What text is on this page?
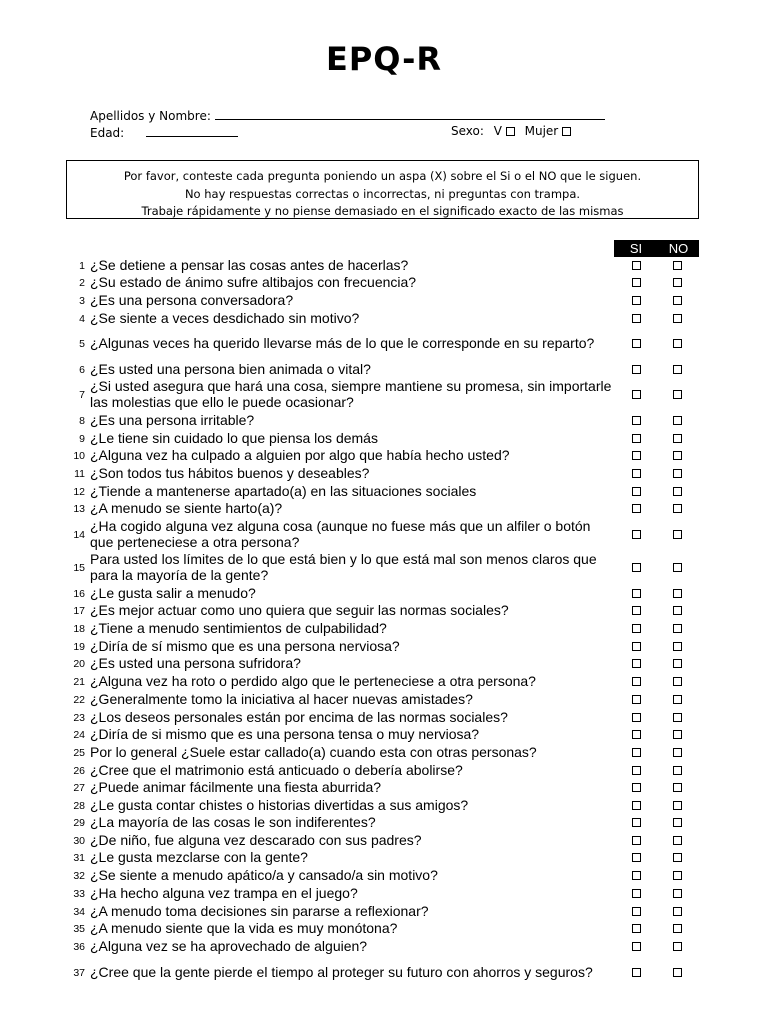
EPQ-R
Apellidos y Nombre:
Edad:	Sexo: V Mujer
Por favor, conteste cada pregunta poniendo un aspa (X) sobre el Si o el NO que le siguen.
No hay respuestas correctas o incorrectas, ni preguntas con trampa.
Trabaje rápidamente y no piense demasiado en el significado exacto de las mismas
SI	NO
1 ¿Se detiene a pensar las cosas antes de hacerlas?
2 ¿Su estado de ánimo sufre altibajos con frecuencia?
3 ¿Es una persona conversadora?
4 ¿Se siente a veces desdichado sin motivo?
5 ¿Algunas veces ha querido llevarse más de lo que le corresponde en su reparto?
6 ¿Es usted una persona bien animada o vital?
7
¿Si usted asegura que hará una cosa, siempre mantiene su promesa, sin importarle las molestias que ello le puede ocasionar?
8 ¿Es una persona irritable?
9 ¿Le tiene sin cuidado lo que piensa los demás
10 ¿Alguna vez ha culpado a alguien por algo que había hecho usted?
11 ¿Son todos tus hábitos buenos y deseables?
12 ¿Tiende a mantenerse apartado(a) en las situaciones sociales
13 ¿A menudo se siente harto(a)?
14
¿Ha cogido alguna vez alguna cosa (aunque no fuese más que un alfiler o botón que perteneciese a otra persona?
15
Para usted los límites de lo que está bien y lo que está mal son menos claros que para la mayoría de la gente?
16 ¿Le gusta salir a menudo?
17 ¿Es mejor actuar como uno quiera que seguir las normas sociales?
18 ¿Tiene a menudo sentimientos de culpabilidad?
19 ¿Diría de sí mismo que es una persona nerviosa?
20 ¿Es usted una persona sufridora?
21 ¿Alguna vez ha roto o perdido algo que le perteneciese a otra persona?
22 ¿Generalmente tomo la iniciativa al hacer nuevas amistades?
23 ¿Los deseos personales están por encima de las normas sociales?
24 ¿Diría de si mismo que es una persona tensa o muy nerviosa?
25 Por lo general ¿Suele estar callado(a) cuando esta con otras personas?
26 ¿Cree que el matrimonio está anticuado o debería abolirse?
27 ¿Puede animar fácilmente una fiesta aburrida?
28 ¿Le gusta contar chistes o historias divertidas a sus amigos?
29 ¿La mayoría de las cosas le son indiferentes?
30 ¿De niño, fue alguna vez descarado con sus padres?
31 ¿Le gusta mezclarse con la gente?
32 ¿Se siente a menudo apático/a y cansado/a sin motivo?
33 ¿Ha hecho alguna vez trampa en el juego?
34 ¿A menudo toma decisiones sin pararse a reflexionar?
35 ¿A menudo siente que la vida es muy monótona?
36 ¿Alguna vez se ha aprovechado de alguien?
37 ¿Cree que la gente pierde el tiempo al proteger su futuro con ahorros y seguros?
